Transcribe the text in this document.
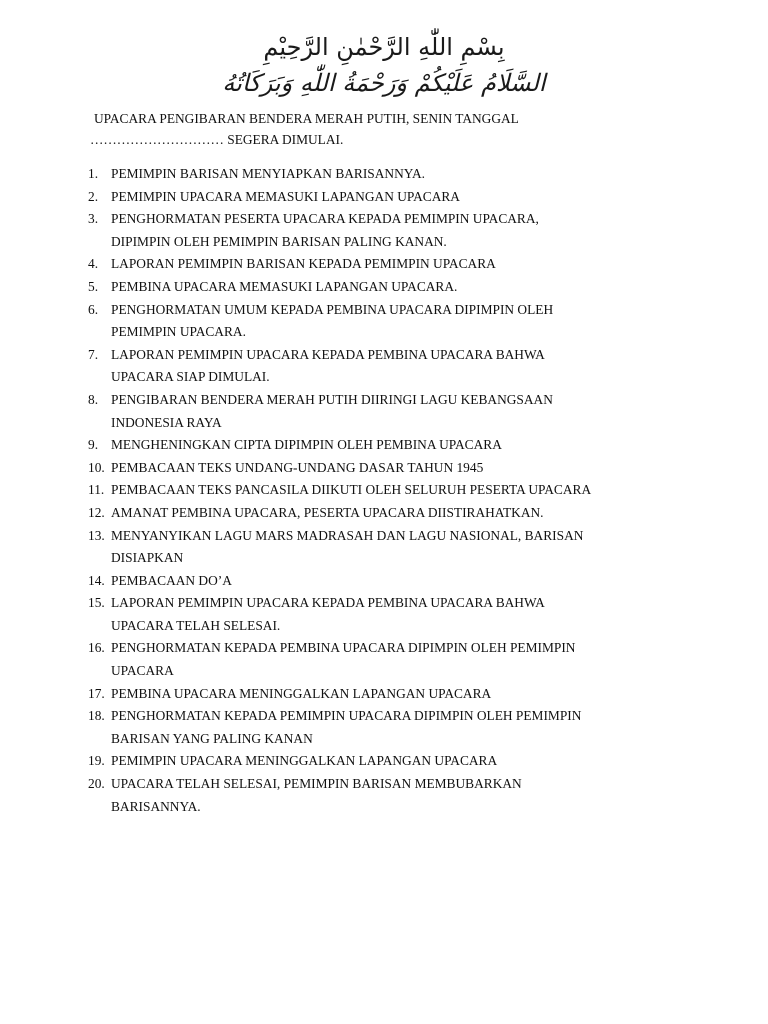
بِسْمِ اللّٰهِ الرَّحْمٰنِ الرَّحِيْمِ
السَّلَامُ عَلَيْكُمْ وَرَحْمَةُ اللّٰهِ وَبَرَكَاتُهُ
UPACARA PENGIBARAN BENDERA MERAH PUTIH, SENIN TANGGAL

………………………… SEGERA DIMULAI.
1. PEMIMPIN BARISAN MENYIAPKAN BARISANNYA.
2. PEMIMPIN UPACARA MEMASUKI LAPANGAN UPACARA
3. PENGHORMATAN PESERTA UPACARA KEPADA PEMIMPIN UPACARA,
DIPIMPIN OLEH PEMIMPIN BARISAN PALING KANAN.
4. LAPORAN PEMIMPIN BARISAN KEPADA PEMIMPIN UPACARA
5. PEMBINA UPACARA MEMASUKI LAPANGAN UPACARA.
6. PENGHORMATAN UMUM KEPADA PEMBINA UPACARA DIPIMPIN OLEH
PEMIMPIN UPACARA.
7. LAPORAN PEMIMPIN UPACARA KEPADA PEMBINA UPACARA BAHWA
UPACARA SIAP DIMULAI.
8. PENGIBARAN BENDERA MERAH PUTIH DIIRINGI LAGU KEBANGSAAN
INDONESIA RAYA
9. MENGHENINGKAN CIPTA DIPIMPIN OLEH PEMBINA UPACARA
10. PEMBACAAN TEKS UNDANG-UNDANG DASAR TAHUN 1945
11. PEMBACAAN TEKS PANCASILA DIIKUTI OLEH SELURUH PESERTA UPACARA
12. AMANAT PEMBINA UPACARA, PESERTA UPACARA DIISTIRAHATKAN.
13. MENYANYIKAN LAGU MARS MADRASAH DAN LAGU NASIONAL, BARISAN
DISIAPKAN
14. PEMBACAAN DO’A
15. LAPORAN PEMIMPIN UPACARA KEPADA PEMBINA UPACARA BAHWA
UPACARA TELAH SELESAI.
16. PENGHORMATAN KEPADA PEMBINA UPACARA DIPIMPIN OLEH PEMIMPIN
UPACARA
17. PEMBINA UPACARA MENINGGALKAN LAPANGAN UPACARA
18. PENGHORMATAN KEPADA PEMIMPIN UPACARA DIPIMPIN OLEH PEMIMPIN
BARISAN YANG PALING KANAN
19. PEMIMPIN UPACARA MENINGGALKAN LAPANGAN UPACARA
20. UPACARA TELAH SELESAI, PEMIMPIN BARISAN MEMBUBARKAN
BARISANNYA.
